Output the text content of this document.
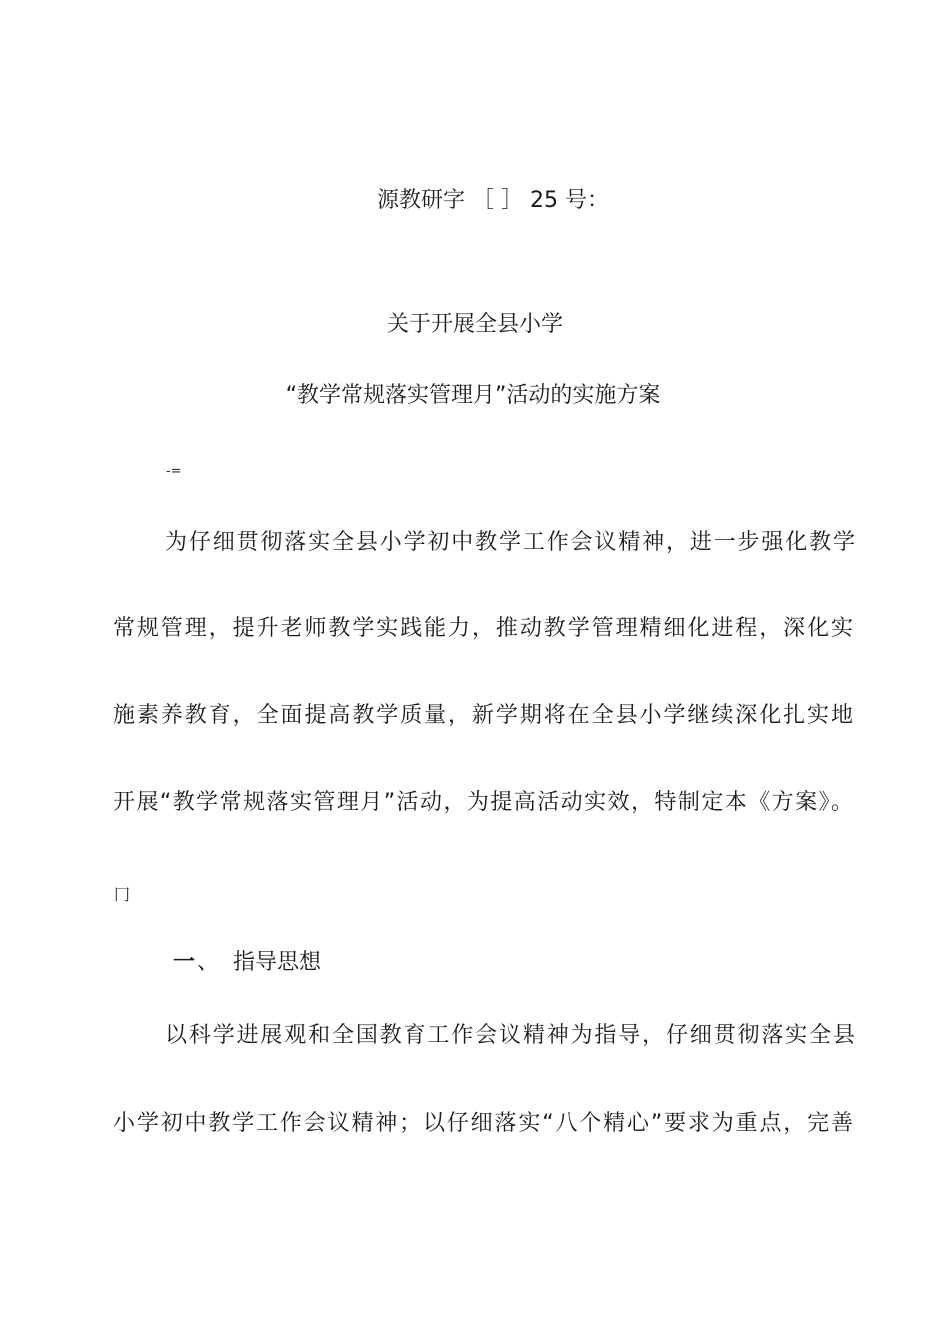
源教研字 ［ ］ 25 号：
关于开展全县小学
“教学常规落实管理月”活动的实施方案
-=
为仔细贯彻落实全县小学初中教学工作会议精神，进一步强化教学
常规管理，提升老师教学实践能力，推动教学管理精细化进程，深化实
施素养教育，全面提高教学质量，新学期将在全县小学继续深化扎实地
开展“教学常规落实管理月”活动，为提高活动实效，特制定本《方案》。
⼌
一、 指导思想
以科学进展观和全国教育工作会议精神为指导，仔细贯彻落实全县
小学初中教学工作会议精神；以仔细落实“八个精心”要求为重点，完善
